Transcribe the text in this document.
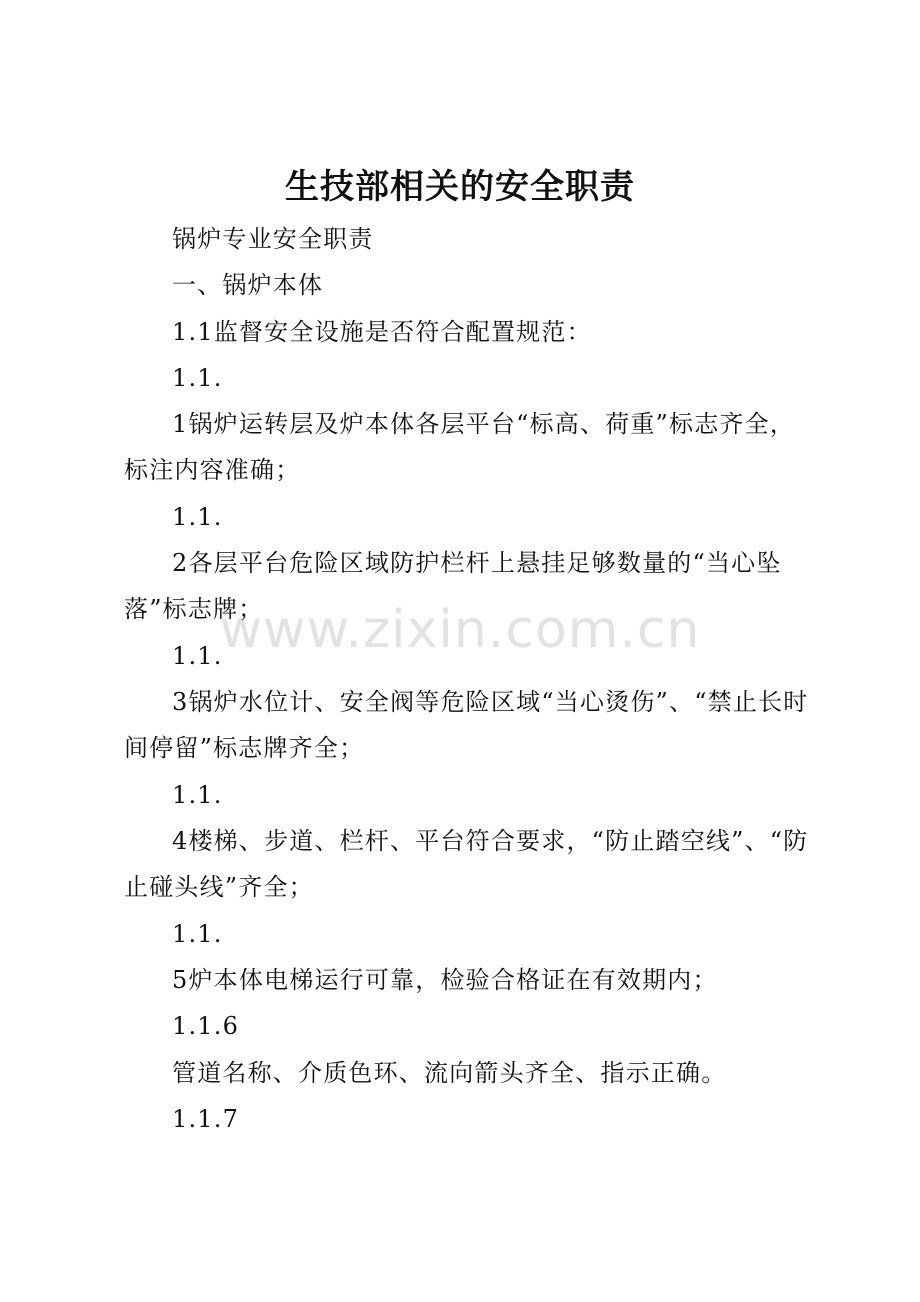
生技部相关的安全职责

锅炉专业安全职责

一、锅炉本体

1.1监督安全设施是否符合配置规范：

1.1.

1锅炉运转层及炉本体各层平台“标高、荷重”标志齐全，标注内容准确；

1.1.

2各层平台危险区域防护栏杆上悬挂足够数量的“当心坠落”标志牌；

1.1.

3锅炉水位计、安全阀等危险区域“当心烫伤”、“禁止长时间停留”标志牌齐全；

1.1.

4楼梯、步道、栏杆、平台符合要求，“防止踏空线”、“防止碰头线”齐全；

1.1.

5炉本体电梯运行可靠，检验合格证在有效期内；

1.1.6

管道名称、介质色环、流向箭头齐全、指示正确。

1.1.7

www.zixin.com.cn
